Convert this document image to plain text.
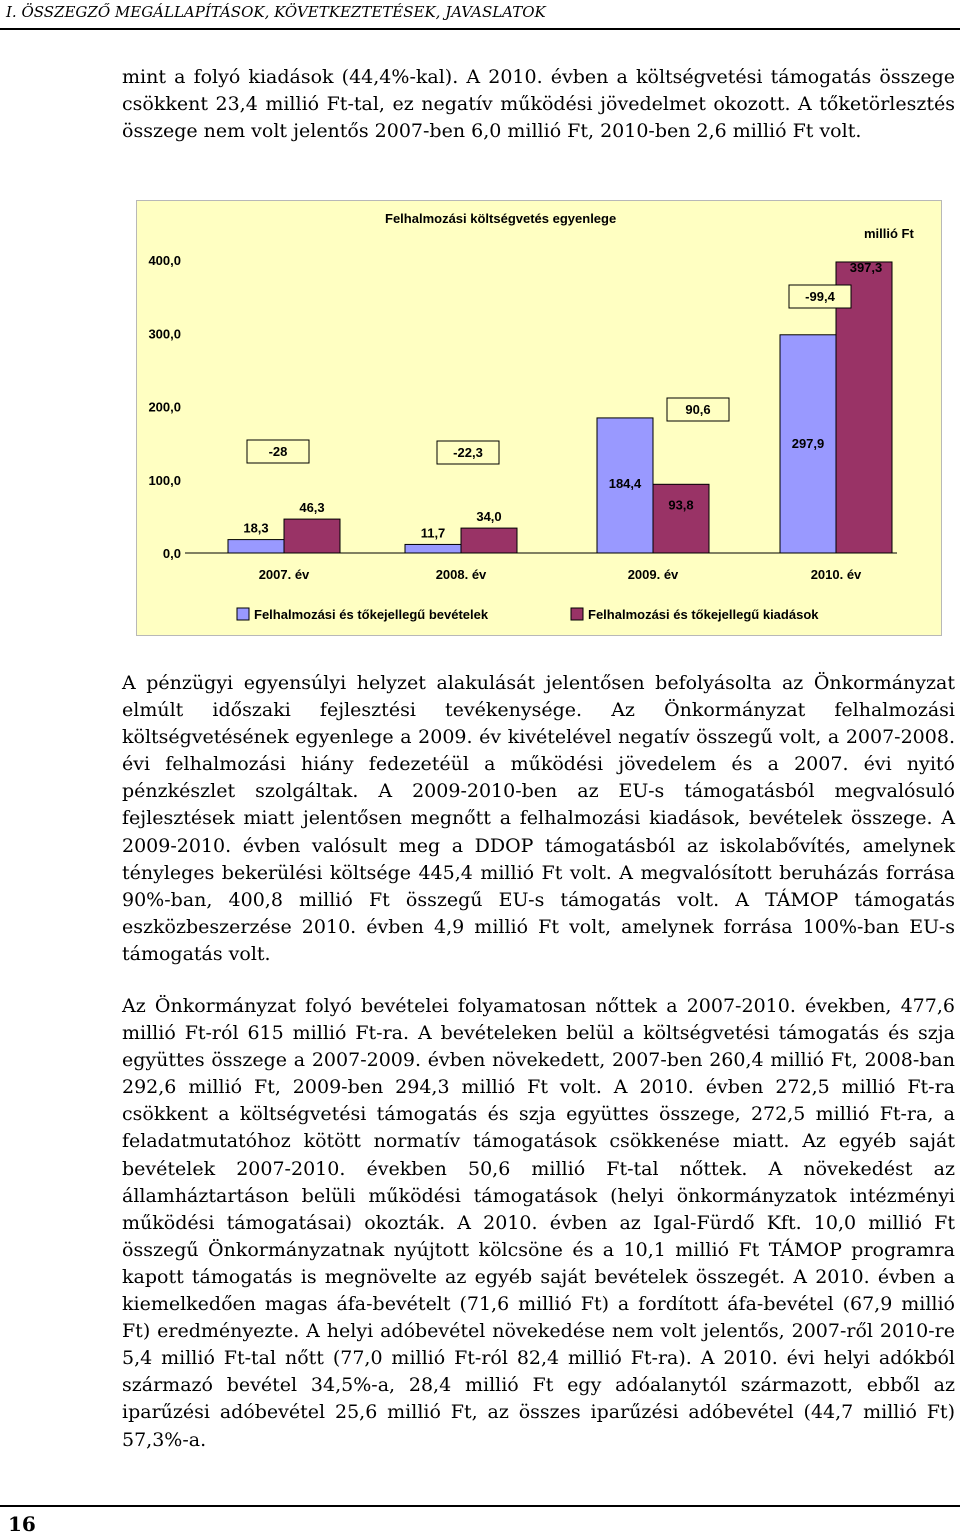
I. ÖSSZEGZŐ MEGÁLLAPÍTÁSOK, KÖVETKEZTETÉSEK, JAVASLATOK

mint a folyó kiadások (44,4%-kal). A 2010. évben a költségvetési támogatás összege csökkent 23,4 millió Ft-tal, ez negatív működési jövedelmet okozott. A tőketörlesztés összege nem volt jelentős 2007-ben 6,0 millió Ft, 2010-ben 2,6 millió Ft volt.

Felhalmozási költségvetés egyenlege
millió Ft
0,0
100,0
200,0
300,0
400,0
18,3
46,3
-28
2007. év
11,7
34,0
-22,3
2008. év
184,4
93,8
90,6
2009. év
297,9
397,3
-99,4
2010. év
Felhalmozási és tőkejellegű bevételek	Felhalmozási és tőkejellegű kiadások

A pénzügyi egyensúlyi helyzet alakulását jelentősen befolyásolta az Önkormányzat elmúlt időszaki fejlesztési tevékenysége. Az Önkormányzat felhalmozási költségvetésének egyenlege a 2009. év kivételével negatív összegű volt, a 2007-2008. évi felhalmozási hiány fedezetéül a működési jövedelem és a 2007. évi nyitó pénzkészlet szolgáltak. A 2009-2010-ben az EU-s támogatásból megvalósuló fejlesztések miatt jelentősen megnőtt a felhalmozási kiadások, bevételek összege. A 2009-2010. évben valósult meg a DDOP támogatásból az iskolabővítés, amelynek tényleges bekerülési költsége 445,4 millió Ft volt. A megvalósított beruházás forrása 90%-ban, 400,8 millió Ft összegű EU-s támogatás volt. A TÁMOP támogatás eszközbeszerzése 2010. évben 4,9 millió Ft volt, amelynek forrása 100%-ban EU-s támogatás volt.

Az Önkormányzat folyó bevételei folyamatosan nőttek a 2007-2010. években, 477,6 millió Ft-ról 615 millió Ft-ra. A bevételeken belül a költségvetési támogatás és szja együttes összege a 2007-2009. évben növekedett, 2007-ben 260,4 millió Ft, 2008-ban 292,6 millió Ft, 2009-ben 294,3 millió Ft volt. A 2010. évben 272,5 millió Ft-ra csökkent a költségvetési támogatás és szja együttes összege, 272,5 millió Ft-ra, a feladatmutatóhoz kötött normatív támogatások csökkenése miatt. Az egyéb saját bevételek 2007-2010. években 50,6 millió Ft-tal nőttek. A növekedést az államháztartáson belüli működési támogatások (helyi önkormányzatok intézményi működési támogatásai) okozták. A 2010. évben az Igal-Fürdő Kft. 10,0 millió Ft összegű Önkormányzatnak nyújtott kölcsöne és a 10,1 millió Ft TÁMOP programra kapott támogatás is megnövelte az egyéb saját bevételek összegét. A 2010. évben a kiemelkedően magas áfa-bevételt (71,6 millió Ft) a fordított áfa-bevétel (67,9 millió Ft) eredményezte. A helyi adóbevétel növekedése nem volt jelentős, 2007-ről 2010-re 5,4 millió Ft-tal nőtt (77,0 millió Ft-ról 82,4 millió Ft-ra). A 2010. évi helyi adókból származó bevétel 34,5%-a, 28,4 millió Ft egy adóalanytól származott, ebből az iparűzési adóbevétel 25,6 millió Ft, az összes iparűzési adóbevétel (44,7 millió Ft) 57,3%-a.

16
